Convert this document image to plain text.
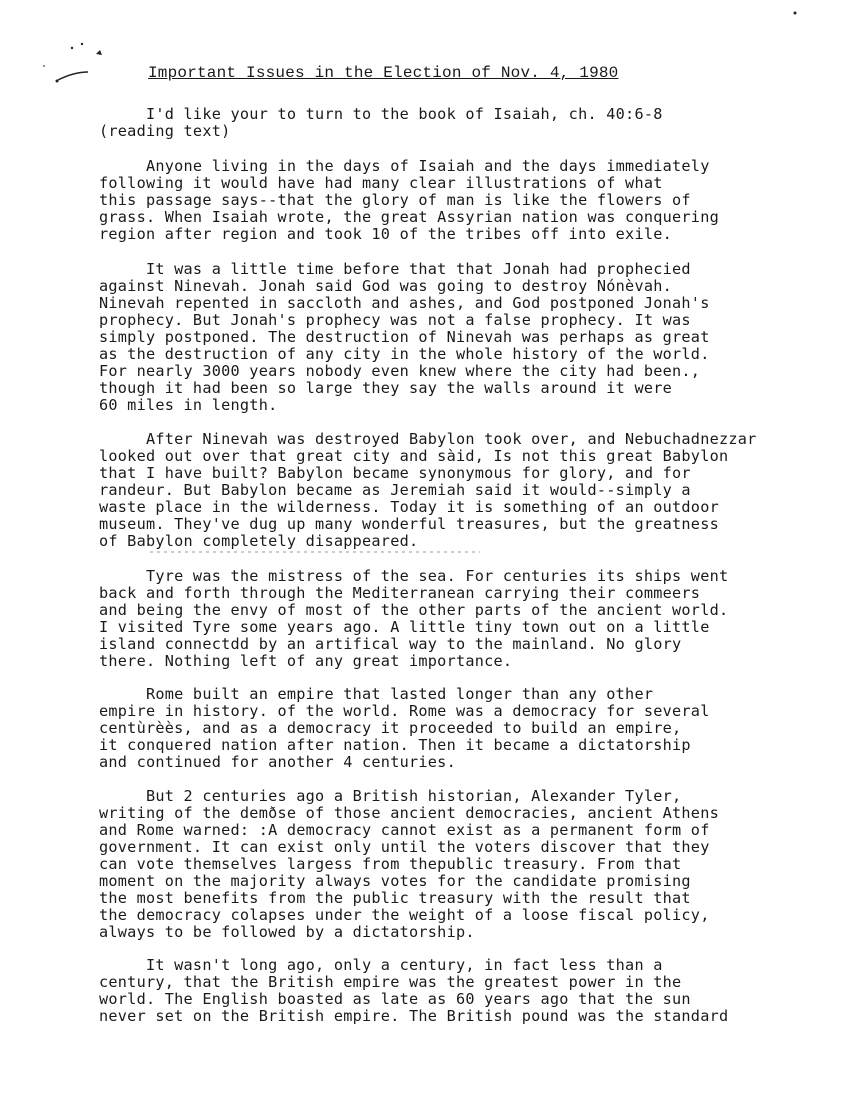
Important Issues in the Election of Nov. 4, 1980
I'd like your to turn to the book of Isaiah, ch. 40:6-8
(reading text)
Anyone living in the days of Isaiah and the days immediately
following it would have had many clear illustrations of what
this passage says--that the glory of man is like the flowers of
grass. When Isaiah wrote, the great Assyrian nation was conquering
region after region and took 10 of the tribes off into exile.
It was a little time before that that Jonah had prophecied
against Ninevah. Jonah said God was going to destroy Nónèvah.
Ninevah repented in saccloth and ashes, and God postponed Jonah's
prophecy. But Jonah's prophecy was not a false prophecy. It was
simply postponed. The destruction of Ninevah was perhaps as great
as the destruction of any city in the whole history of the world.
For nearly 3000 years nobody even knew where the city had been.,
though it had been so large they say the walls around it were
60 miles in length.
After Ninevah was destroyed Babylon took over, and Nebuchadnezzar
looked out over that great city and sàid, Is not this great Babylon
that I have built? Babylon became synonymous for glory, and for
randeur. But Babylon became as Jeremiah said it would--simply a
waste place in the wilderness. Today it is something of an outdoor
museum. They've dug up many wonderful treasures, but the greatness
of Babylon completely disappeared.
Tyre was the mistress of the sea. For centuries its ships went
back and forth through the Mediterranean carrying their commeers
and being the envy of most of the other parts of the ancient world.
I visited Tyre some years ago. A little tiny town out on a little
island connectdd by an artifical way to the mainland. No glory
there. Nothing left of any great importance.
Rome built an empire that lasted longer than any other
empire in history. of the world. Rome was a democracy for several
centùrèès, and as a democracy it proceeded to build an empire,
it conquered nation after nation. Then it became a dictatorship
and continued for another 4 centuries.
But 2 centuries ago a British historian, Alexander Tyler,
writing of the demðse of those ancient democracies, ancient Athens
and Rome warned: :A democracy cannot exist as a permanent form of
government. It can exist only until the voters discover that they
can vote themselves largess from thepublic treasury. From that
moment on the majority always votes for the candidate promising
the most benefits from the public treasury with the result that
the democracy colapses under the weight of a loose fiscal policy,
always to be followed by a dictatorship.
It wasn't long ago, only a century, in fact less than a
century, that the British empire was the greatest power in the
world. The English boasted as late as 60 years ago that the sun
never set on the British empire. The British pound was the standard
